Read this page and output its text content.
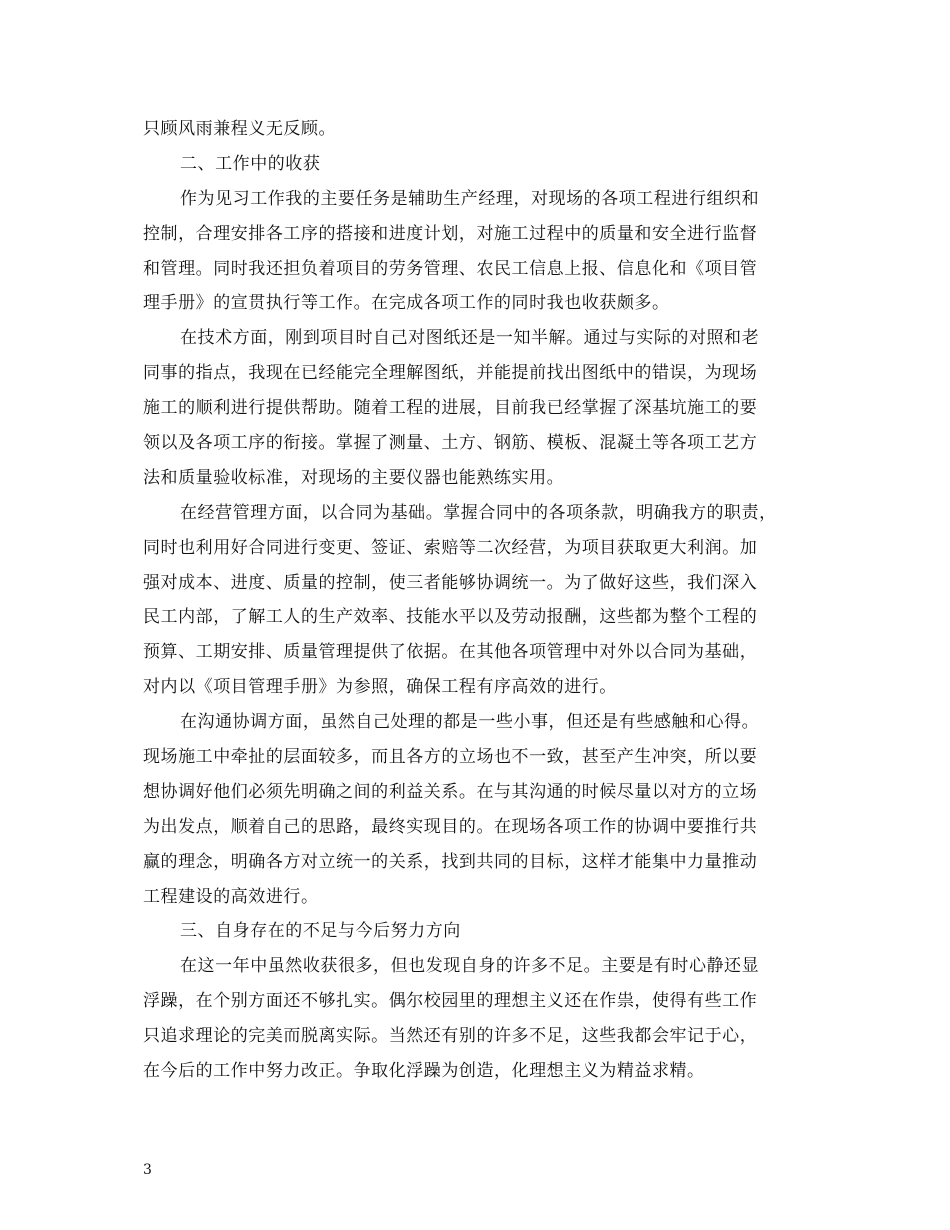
只顾风雨兼程义无反顾。
二、工作中的收获
作为见习工作我的主要任务是辅助生产经理，对现场的各项工程进行组织和
控制，合理安排各工序的搭接和进度计划，对施工过程中的质量和安全进行监督
和管理。同时我还担负着项目的劳务管理、农民工信息上报、信息化和《项目管
理手册》的宣贯执行等工作。在完成各项工作的同时我也收获颇多。
在技术方面，刚到项目时自己对图纸还是一知半解。通过与实际的对照和老
同事的指点，我现在已经能完全理解图纸，并能提前找出图纸中的错误，为现场
施工的顺利进行提供帮助。随着工程的进展，目前我已经掌握了深基坑施工的要
领以及各项工序的衔接。掌握了测量、土方、钢筋、模板、混凝土等各项工艺方
法和质量验收标准，对现场的主要仪器也能熟练实用。
在经营管理方面，以合同为基础。掌握合同中的各项条款，明确我方的职责，
同时也利用好合同进行变更、签证、索赔等二次经营，为项目获取更大利润。加
强对成本、进度、质量的控制，使三者能够协调统一。为了做好这些，我们深入
民工内部，了解工人的生产效率、技能水平以及劳动报酬，这些都为整个工程的
预算、工期安排、质量管理提供了依据。在其他各项管理中对外以合同为基础，
对内以《项目管理手册》为参照，确保工程有序高效的进行。
在沟通协调方面，虽然自己处理的都是一些小事，但还是有些感触和心得。
现场施工中牵扯的层面较多，而且各方的立场也不一致，甚至产生冲突，所以要
想协调好他们必须先明确之间的利益关系。在与其沟通的时候尽量以对方的立场
为出发点，顺着自己的思路，最终实现目的。在现场各项工作的协调中要推行共
赢的理念，明确各方对立统一的关系，找到共同的目标，这样才能集中力量推动
工程建设的高效进行。
三、自身存在的不足与今后努力方向
在这一年中虽然收获很多，但也发现自身的许多不足。主要是有时心静还显
浮躁，在个别方面还不够扎实。偶尔校园里的理想主义还在作祟，使得有些工作
只追求理论的完美而脱离实际。当然还有别的许多不足，这些我都会牢记于心，
在今后的工作中努力改正。争取化浮躁为创造，化理想主义为精益求精。
3
